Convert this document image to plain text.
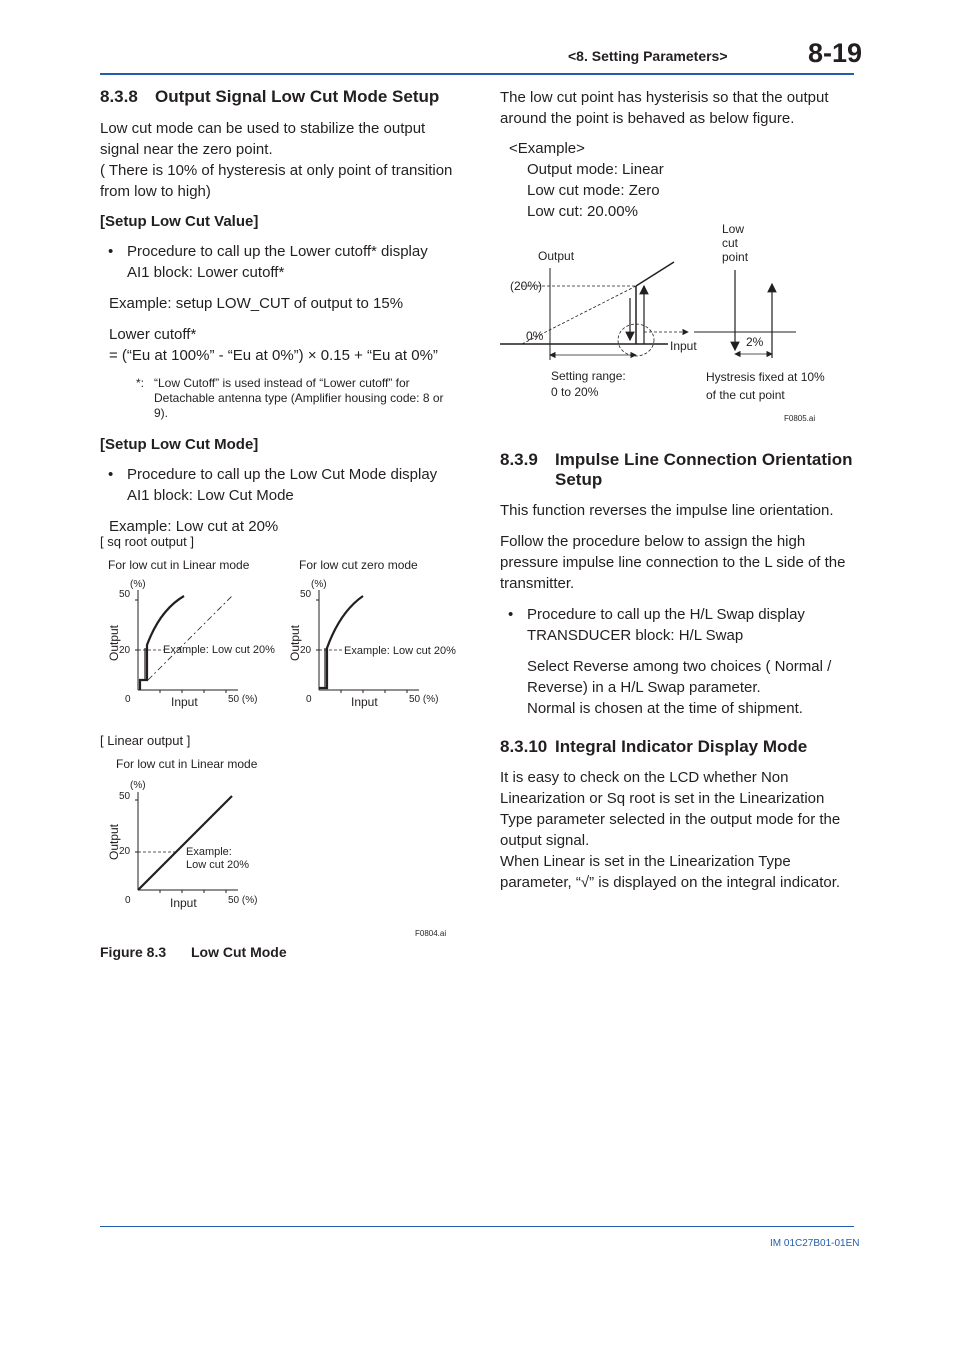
<8. Setting Parameters>	8-19
8.3.8 Output Signal Low Cut Mode Setup

Low cut mode can be used to stabilize the output signal near the zero point.

( There is 10% of hysteresis at only point of transition from low to high)

[Setup Low Cut Value]

• Procedure to call up the Lower cutoff* display
AI1 block: Lower cutoff*

Example: setup LOW_CUT of output to 15%

Lower cutoff*

= (“Eu at 100%” - “Eu at 0%”) × 0.15 + “Eu at 0%”

*: “Low Cutoff” is used instead of “Lower cutoff” for Detachable antenna type (Amplifier housing code: 8 or 9).

[Setup Low Cut Mode]

• Procedure to call up the Low Cut Mode display
AI1 block: Low Cut Mode

Example: Low cut at 20%

[ sq root output ]
For low cut in Linear mode
(%)
50
20
0
Output
Input	50 (%)
Example: Low cut 20%
For low cut zero mode
(%)
50
20
0
Output
Input	50 (%)
Example: Low cut 20%
[ Linear output ]
For low cut in Linear mode
(%)
50
20
0
Output
Input	50 (%)
Example:
Low cut 20%
F0804.ai
Figure 8.3 Low Cut Mode

The low cut point has hysterisis so that the output around the point is behaved as below figure.

<Example>

Output mode: Linear

Low cut mode: Zero

Low cut: 20.00%

Low
cut
point
Output
(20%)
0%
Input
Setting range:
0 to 20%
2%
Hystresis fixed at 10%
of the cut point
F0805.ai
8.3.9	Impulse Line Connection Orientation Setup

This function reverses the impulse line orientation.

Follow the procedure below to assign the high pressure impulse line connection to the L side of the transmitter.

• Procedure to call up the H/L Swap display
TRANSDUCER block: H/L Swap

Select Reverse among two choices ( Normal / Reverse) in a H/L Swap parameter.

Normal is chosen at the time of shipment.

8.3.10 Integral Indicator Display Mode

It is easy to check on the LCD whether Non Linearization or Sq root is set in the Linearization Type parameter selected in the output mode for the output signal.

When Linear is set in the Linearization Type parameter, “√” is displayed on the integral indicator.

IM 01C27B01-01EN
